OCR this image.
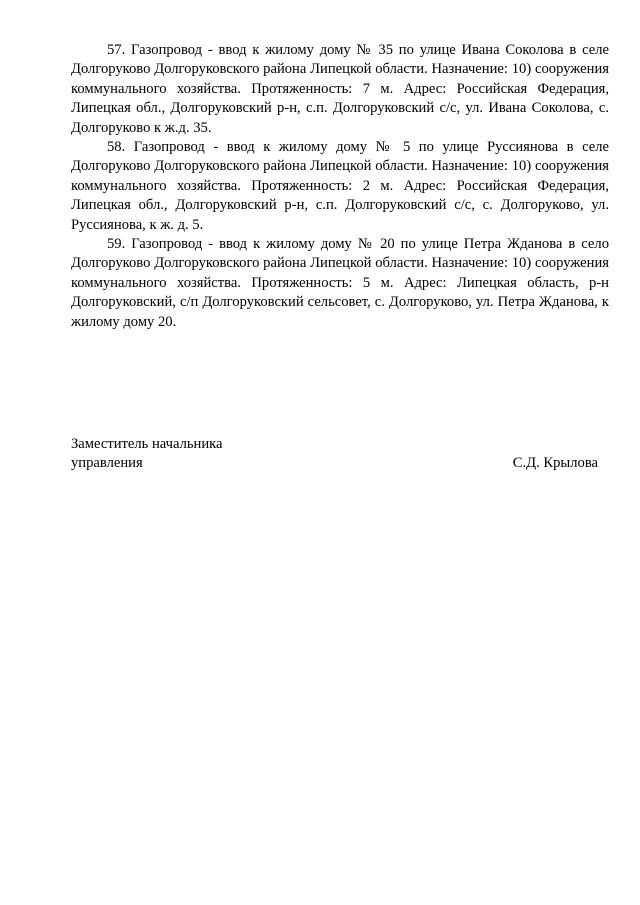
57. Газопровод - ввод к жилому дому № 35 по улице Ивана Соколова в селе Долгоруково Долгоруковского района Липецкой области. Назначение: 10) сооружения коммунального хозяйства. Протяженность: 7 м. Адрес: Российская Федерация, Липецкая обл., Долгоруковский р-н, с.п. Долгоруковский с/с, ул. Ивана Соколова, с. Долгоруково к ж.д. 35.

58. Газопровод - ввод к жилому дому № 5 по улице Руссиянова в селе Долгоруково Долгоруковского района Липецкой области. Назначение: 10) сооружения коммунального хозяйства. Протяженность: 2 м. Адрес: Российская Федерация, Липецкая обл., Долгоруковский р-н, с.п. Долгоруковский с/с, с. Долгоруково, ул. Руссиянова, к ж. д. 5.

59. Газопровод - ввод к жилому дому № 20 по улице Петра Жданова в село Долгоруково Долгоруковского района Липецкой области. Назначение: 10) сооружения коммунального хозяйства. Протяженность: 5 м. Адрес: Липецкая область, р-н Долгоруковский, с/п Долгоруковский сельсовет, с. Долгоруково, ул. Петра Жданова, к жилому дому 20.

Заместитель начальника
управления	С.Д. Крылова
